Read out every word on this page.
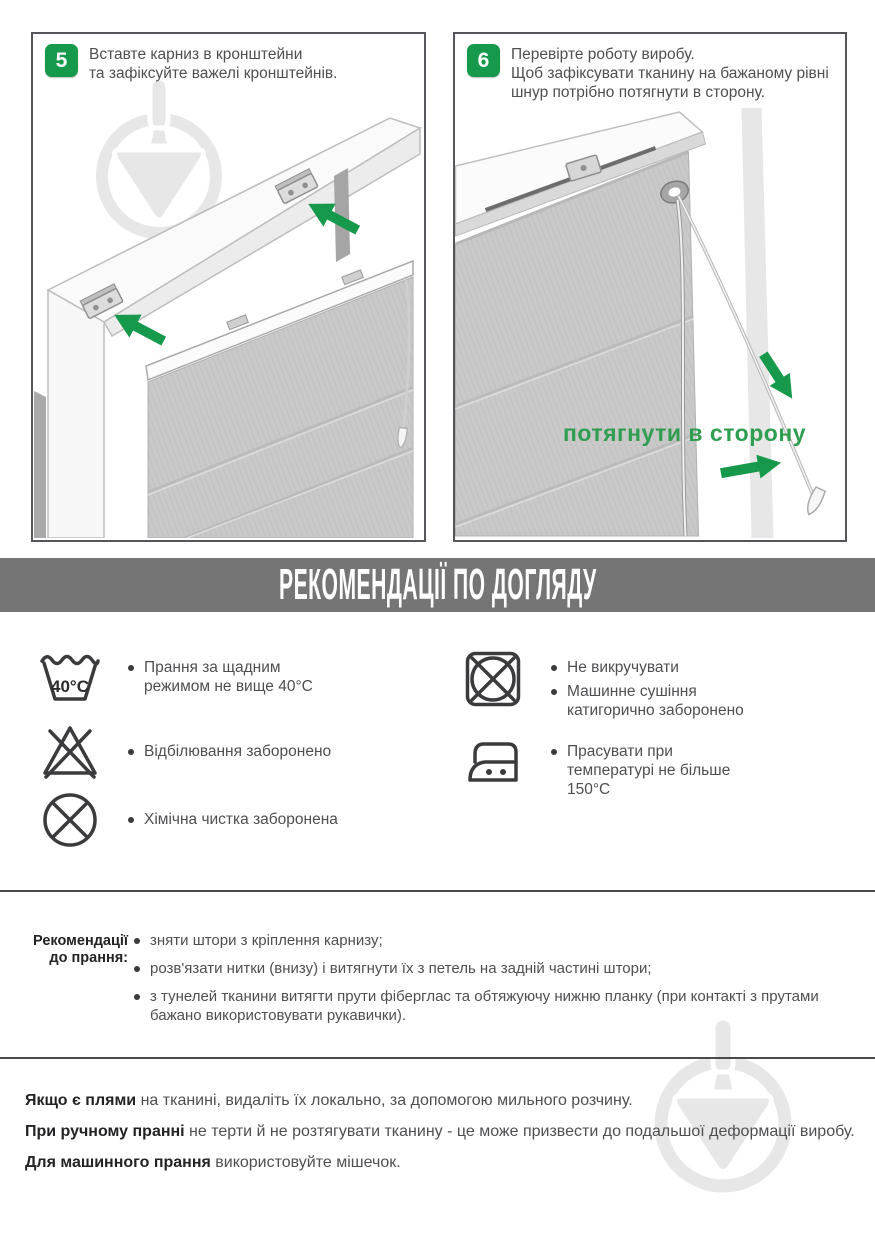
5	Вставте карниз в кронштейни
та зафіксуйте важелі кронштейнів.
6	Перевірте роботу виробу.
Щоб зафіксувати тканину на бажаному рівні
шнур потрібно потягнути в сторону.
потягнути в сторону
РЕКОМЕНДАЦІЇ ПО ДОГЛЯДУ
40°C
Прання за щадним режимом не вище 40°С
Відбілювання заборонено
Хімічна чистка заборонена
Не викручувати
Машинне сушіння катигорично заборонено
Прасувати при температурі не більше 150°С
Рекомендації
до прання:
зняти штори з кріплення карнизу;
розв'язати нитки (внизу) і витягнути їх з петель на задній частині штори;
з тунелей тканини витягти прути фіберглас та обтяжуючу нижню планку (при контакті з прутами бажано використовувати рукавички).
Якщо є плями на тканині, видаліть їх локально, за допомогою мильного розчину.
При ручному пранні не терти й не розтягувати тканину - це може призвести до подальшої деформації виробу.
Для машинного прання використовуйте мішечок.
